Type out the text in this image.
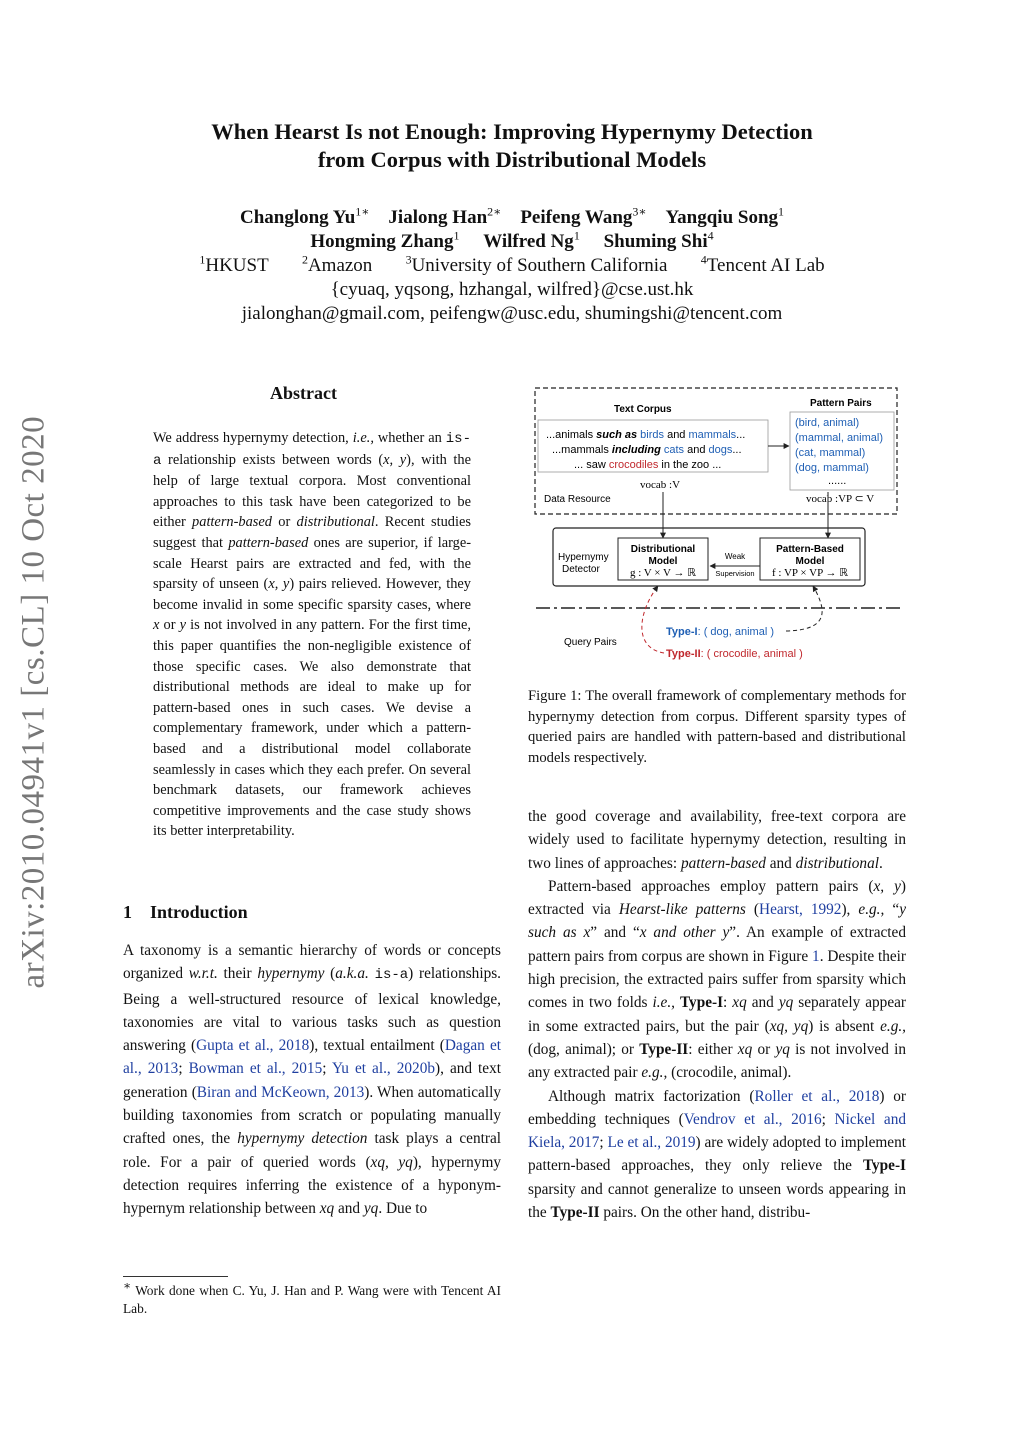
arXiv:2010.04941v1 [cs.CL] 10 Oct 2020
When Hearst Is not Enough: Improving Hypernymy Detection
from Corpus with Distributional Models
Changlong $Yu^{1∗}$ Jialong Han$^{2∗}$ Peifeng Wang$^{3∗}$ Yangqiu Song$^1$
Hongming Zhang$^1$ Wilfred Ng$^1$ Shuming Shi$^4$
$^1$HKUST	$^2$Amazon	$^3$University of Southern California	$^4$Tencent AI Lab
{cyuaq, yqsong, hzhangal, wilfred}@cse.ust.hk
jialonghan@gmail.com, peifengw@usc.edu, shumingshi@tencent.com
Abstract
We address hypernymy detection, i.e., whether an is-a relationship exists between words (x, y), with the help of large textual corpora. Most conventional approaches to this task have been categorized to be either pattern-based or distributional. Recent studies suggest that pattern-based ones are superior, if large-scale Hearst pairs are extracted and fed, with the sparsity of unseen (x, y) pairs relieved. However, they become invalid in some specific sparsity cases, where x or y is not involved in any pattern. For the first time, this paper quantifies the non-negligible existence of those specific cases. We also demonstrate that distributional methods are ideal to make up for pattern-based ones in such cases. We devise a complementary framework, under which a pattern-based and a distributional model collaborate seamlessly in cases which they each prefer. On several benchmark datasets, our framework achieves competitive improvements and the case study shows its better interpretability.
1    Introduction

A taxonomy is a semantic hierarchy of words or concepts organized w.r.t. their hypernymy (a.k.a. is-a) relationships. Being a well-structured resource of lexical knowledge, taxonomies are vital to various tasks such as question answering (Gupta et al., 2018), textual entailment (Dagan et al., 2013; Bowman et al., 2015; Yu et al., 2020b), and text generation (Biran and McKeown, 2013). When automatically building taxonomies from scratch or populating manually crafted ones, the hypernymy detection task plays a central role. For a pair of queried words (xq, yq), hypernymy detection requires inferring the existence of a hyponym-hypernym relationship between xq and yq. Due to

∗ Work done when C. Yu, J. Han and P. Wang were with Tencent AI Lab.
Text Corpus
...animals such as birds and mammals...
...mammals including cats and dogs...
... saw crocodiles in the zoo ...
vocab :V
Pattern Pairs
(bird, animal)
(mammal, animal)
(cat, mammal)
(dog, mammal)
......
vocab :VP ⊂ V
Data Resource
Hypernymy
Detector
Distributional
Model
g : V × V → ℝ
Pattern-Based
Model
f : VP × VP → ℝ
Weak
Supervision
Query Pairs
Type-I: ( dog, animal )
Type-II: ( crocodile, animal )
Figure 1: The overall framework of complementary methods for hypernymy detection from corpus. Different sparsity types of queried pairs are handled with pattern-based and distributional models respectively.

the good coverage and availability, free-text corpora are widely used to facilitate hypernymy detection, resulting in two lines of approaches: pattern-based and distributional.

Pattern-based approaches employ pattern pairs (x, y) extracted via Hearst-like patterns (Hearst, 1992), e.g., “y such as x” and “x and other y”. An example of extracted pattern pairs from corpus are shown in Figure 1. Despite their high precision, the extracted pairs suffer from sparsity which comes in two folds i.e., Type-I: xq and yq separately appear in some extracted pairs, but the pair (xq, yq) is absent e.g., (dog, animal); or Type-II: either xq or yq is not involved in any extracted pair e.g., (crocodile, animal).

Although matrix factorization (Roller et al., 2018) or embedding techniques (Vendrov et al., 2016; Nickel and Kiela, 2017; Le et al., 2019) are widely adopted to implement pattern-based approaches, they only relieve the Type-I sparsity and cannot generalize to unseen words appearing in the Type-II pairs. On the other hand, distribu-
